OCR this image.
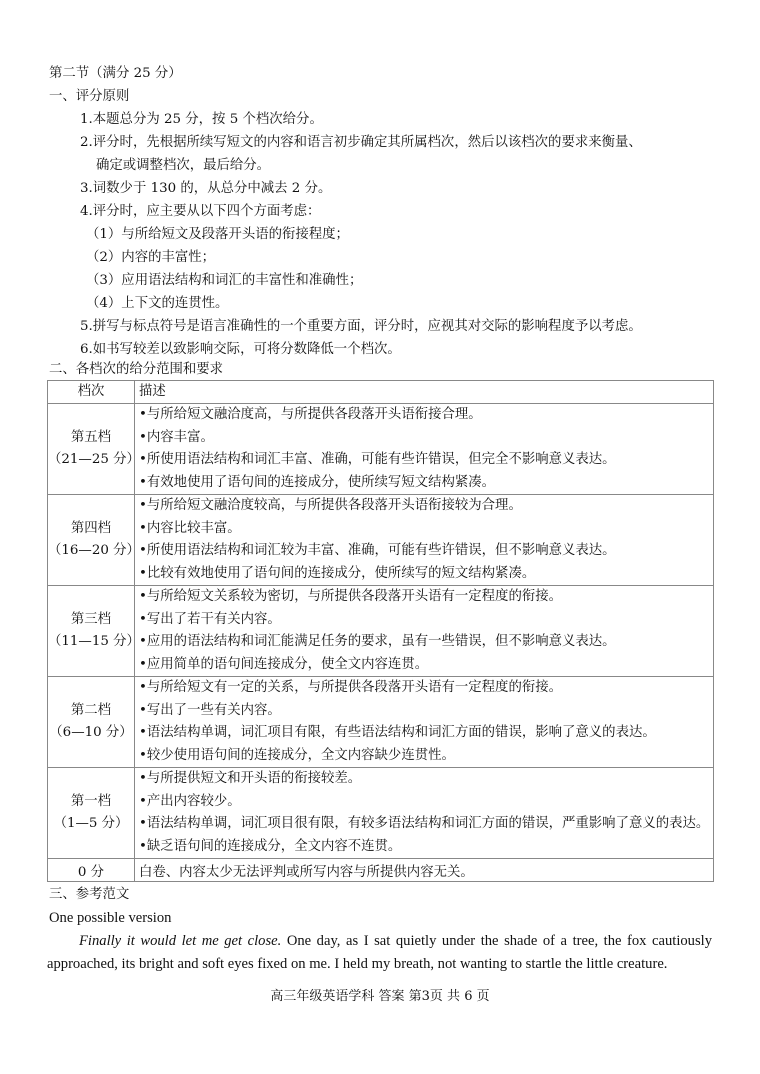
第二节（满分 25 分）
一、评分原则
1.本题总分为 25 分，按 5 个档次给分。
2.评分时，先根据所续写短文的内容和语言初步确定其所属档次，然后以该档次的要求来衡量、
确定或调整档次，最后给分。
3.词数少于 130 的，从总分中减去 2 分。
4.评分时，应主要从以下四个方面考虑：
（1）与所给短文及段落开头语的衔接程度；
（2）内容的丰富性；
（3）应用语法结构和词汇的丰富性和准确性；
（4）上下文的连贯性。
5.拼写与标点符号是语言准确性的一个重要方面，评分时，应视其对交际的影响程度予以考虑。
6.如书写较差以致影响交际，可将分数降低一个档次。
二、各档次的给分范围和要求
档次	描述

第五档
（21—25 分）	•与所给短文融洽度高，与所提供各段落开头语衔接合理。
•内容丰富。
•所使用语法结构和词汇丰富、准确，可能有些许错误，但完全不影响意义表达。
•有效地使用了语句间的连接成分，使所续写短文结构紧凑。

第四档
（16—20 分）	•与所给短文融洽度较高，与所提供各段落开头语衔接较为合理。
•内容比较丰富。
•所使用语法结构和词汇较为丰富、准确，可能有些许错误，但不影响意义表达。
•比较有效地使用了语句间的连接成分，使所续写的短文结构紧凑。

第三档
（11—15 分）	•与所给短文关系较为密切，与所提供各段落开头语有一定程度的衔接。
•写出了若干有关内容。
•应用的语法结构和词汇能满足任务的要求，虽有一些错误，但不影响意义表达。
•应用简单的语句间连接成分，使全文内容连贯。

第二档
（6—10 分）	•与所给短文有一定的关系，与所提供各段落开头语有一定程度的衔接。
•写出了一些有关内容。
•语法结构单调，词汇项目有限，有些语法结构和词汇方面的错误，影响了意义的表达。
•较少使用语句间的连接成分，全文内容缺少连贯性。

第一档
（1—5 分）	•与所提供短文和开头语的衔接较差。
•产出内容较少。
•语法结构单调，词汇项目很有限，有较多语法结构和词汇方面的错误，严重影响了意义的表达。
•缺乏语句间的连接成分，全文内容不连贯。

0 分	白卷、内容太少无法评判或所写内容与所提供内容无关。
三、参考范文
One possible version
Finally it would let me get close. One day, as I sat quietly under the shade of a tree, the fox cautiously approached, its bright and soft eyes fixed on me. I held my breath, not wanting to startle the little creature.
高三年级英语学科 答案 第3页 共 6 页
